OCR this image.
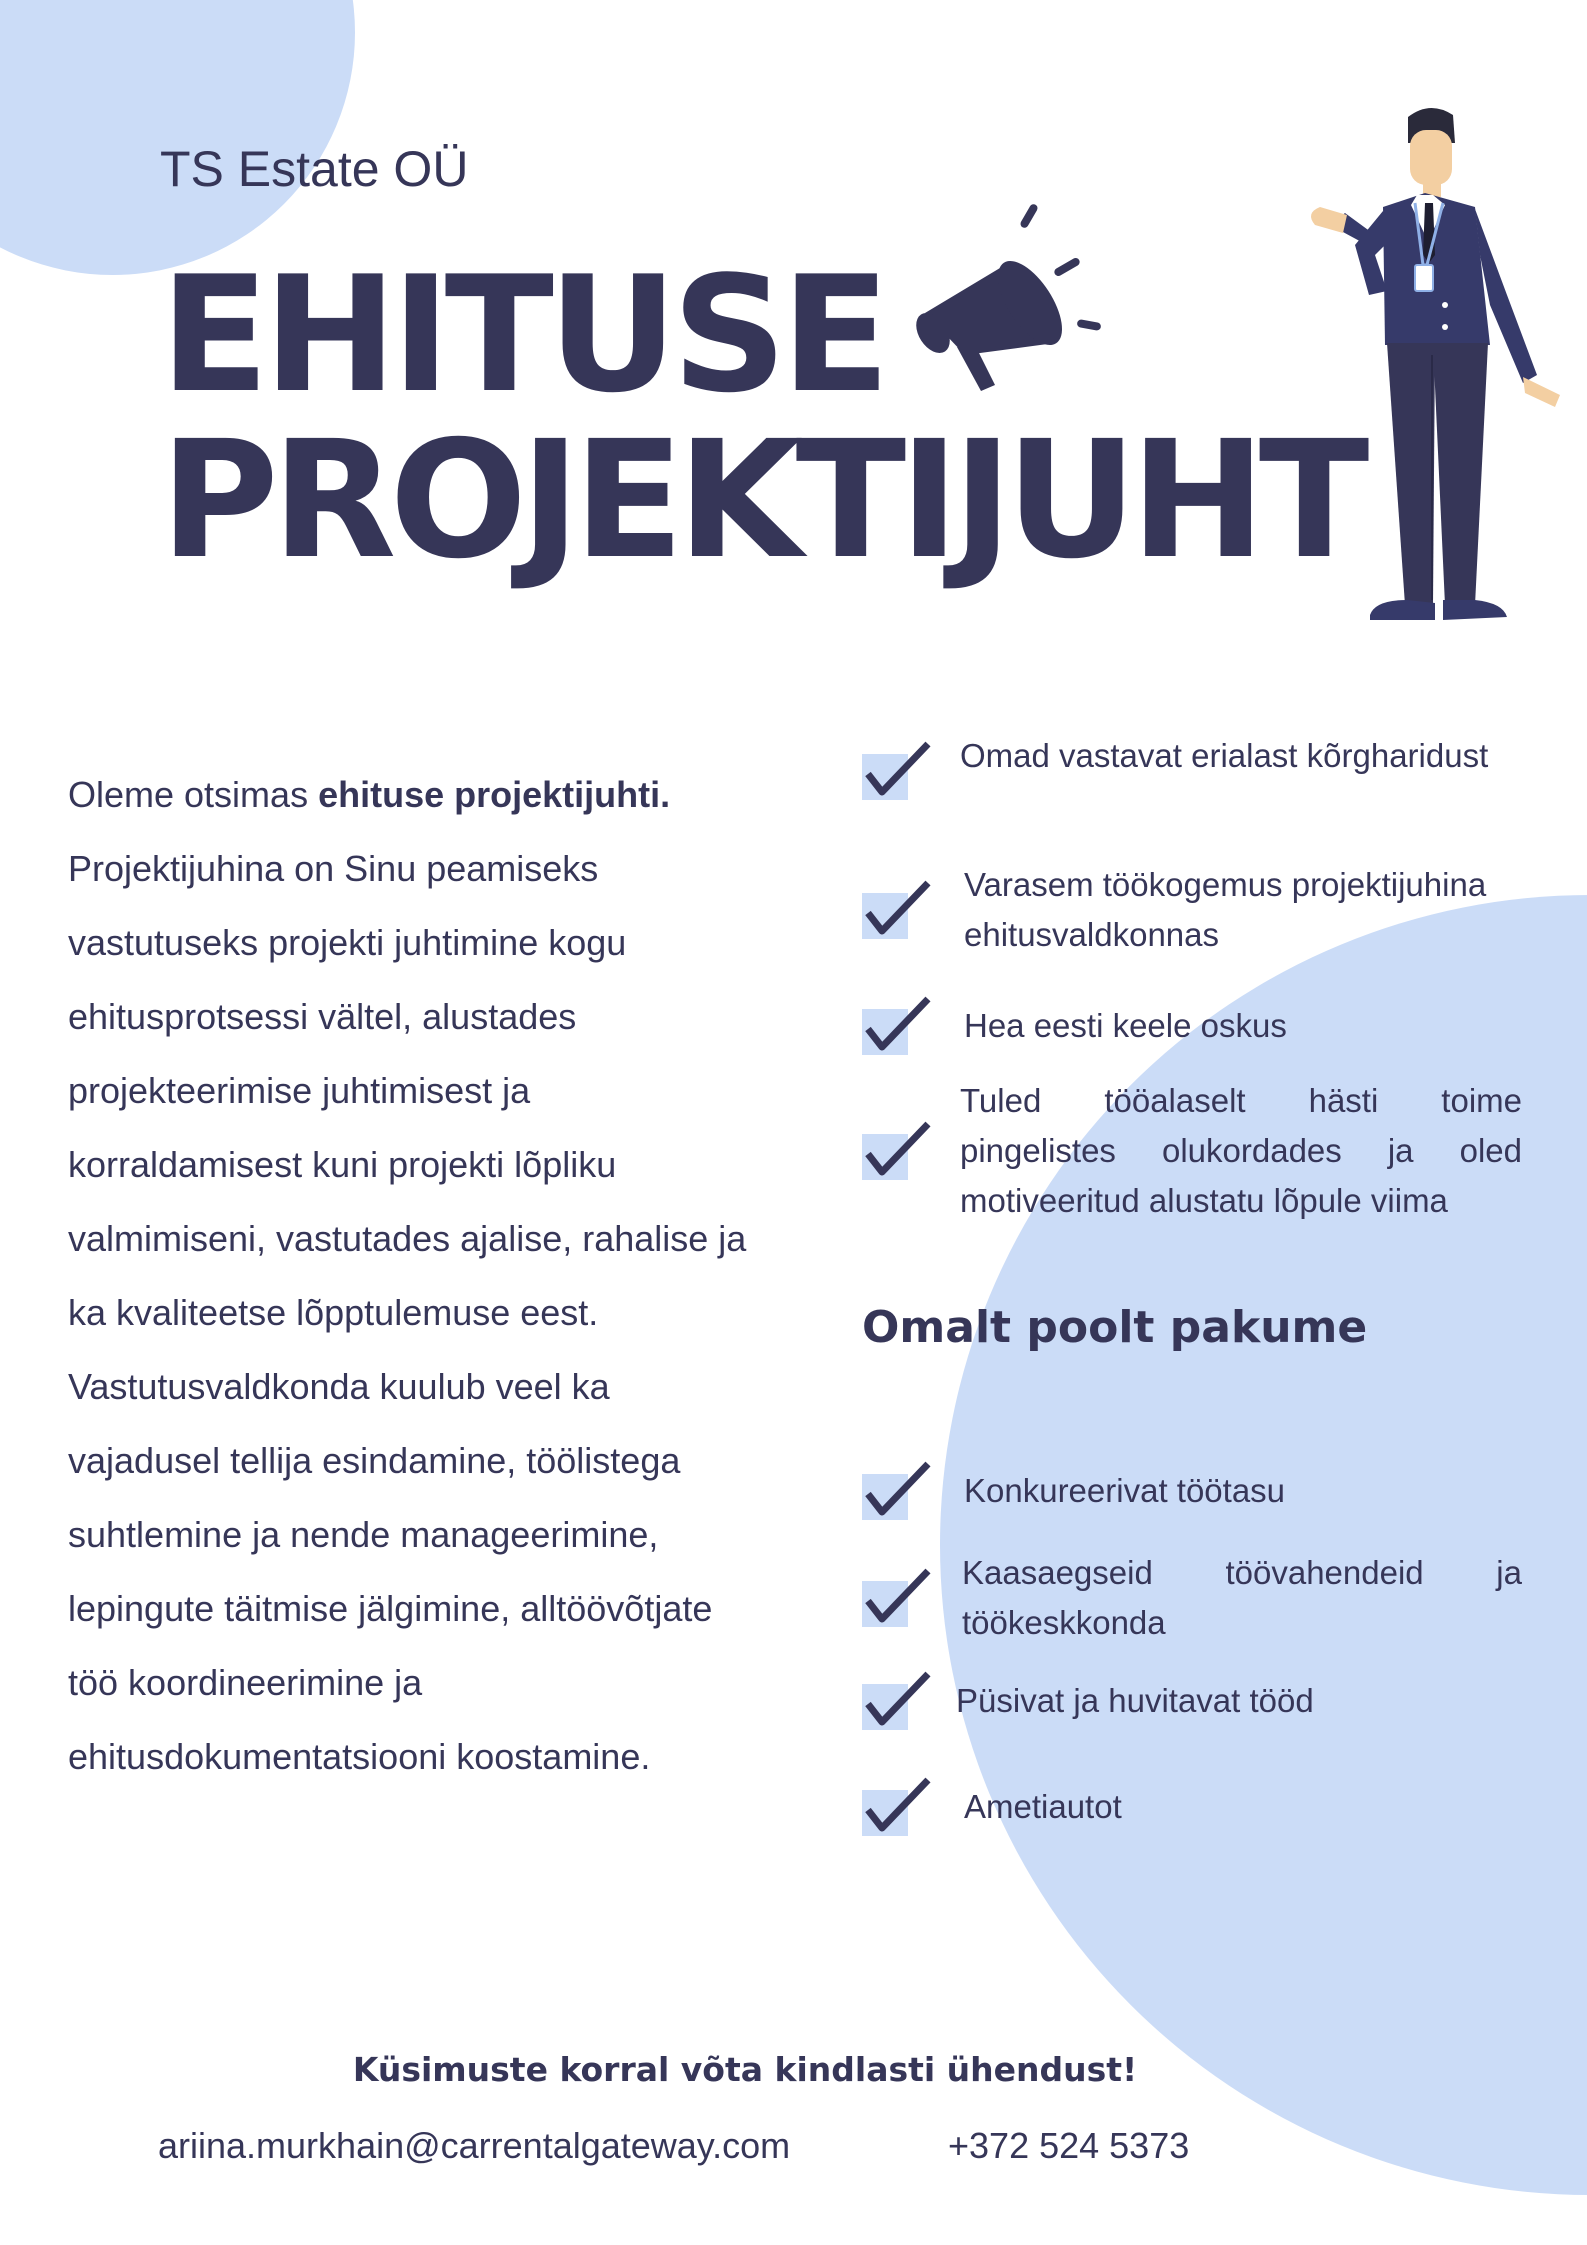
TS Estate OÜ
EHITUSE
PROJEKTIJUHT
Oleme otsimas ehituse projektijuhti.
Projektijuhina on Sinu peamiseks
vastutuseks projekti juhtimine kogu
ehitusprotsessi vältel, alustades
projekteerimise juhtimisest ja
korraldamisest kuni projekti lõpliku
valmimiseni, vastutades ajalise, rahalise ja
ka kvaliteetse lõpptulemuse eest.
Vastutusvaldkonda kuulub veel ka
vajadusel tellija esindamine, töölistega
suhtlemine ja nende manageerimine,
lepingute täitmise jälgimine, alltöövõtjate
töö koordineerimine ja
ehitusdokumentatsiooni koostamine.
Omad vastavat erialast kõrgharidust
Varasem töökogemus projektijuhina
ehitusvaldkonnas
Hea eesti keele oskus
Tuled tööalaselt hästi toime
pingelistes olukordades ja oled
motiveeritud alustatu lõpule viima
Omalt poolt pakume
Konkureerivat töötasu
Kaasaegseid töövahendeid ja
töökeskkonda
Püsivat ja huvitavat tööd
Ametiautot
Küsimuste korral võta kindlasti ühendust!
ariina.murkhain@carrentalgateway.com	+372 524 5373
